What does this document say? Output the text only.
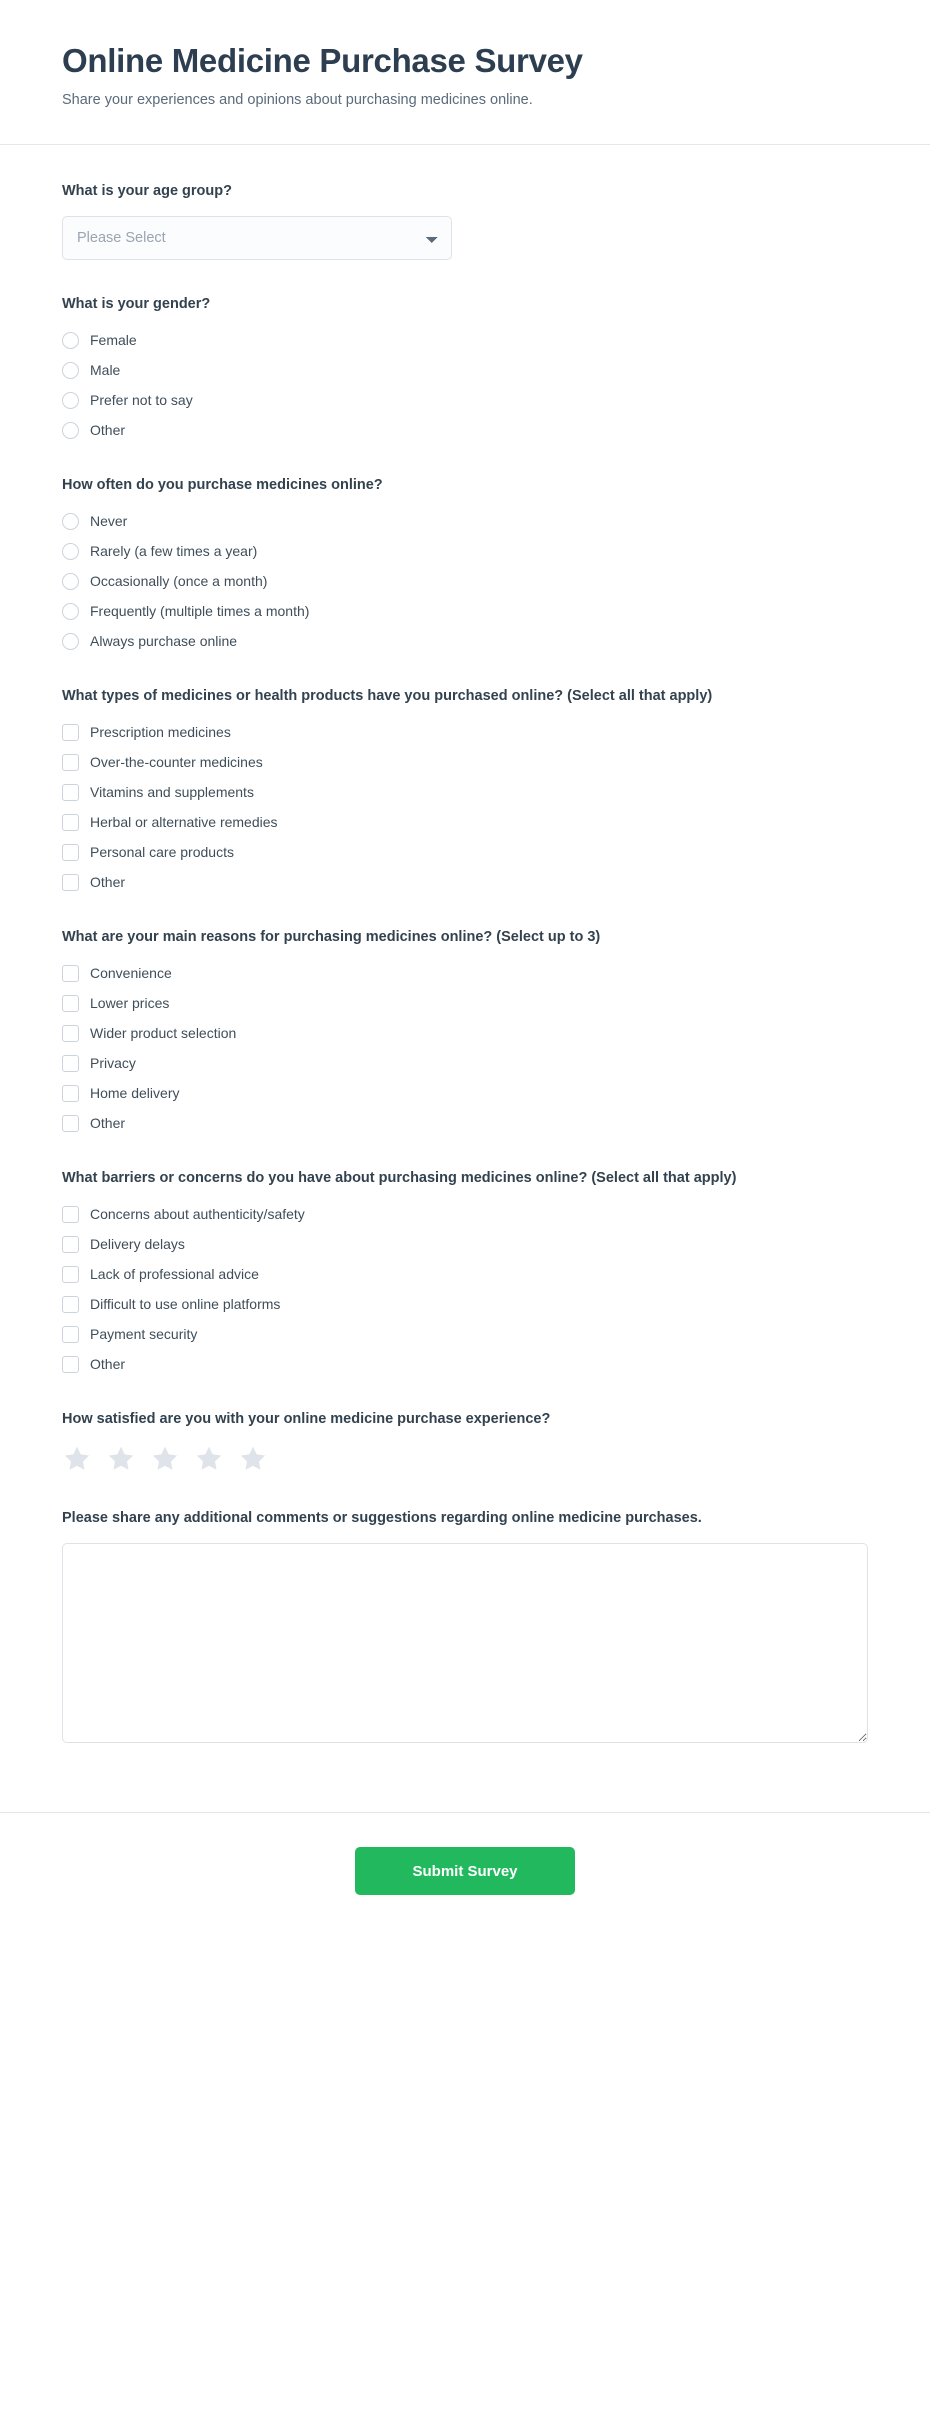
Online Medicine Purchase Survey

Share your experiences and opinions about purchasing medicines online.

What is your age group?
Please Select
What is your gender?
Female
Male
Prefer not to say
Other
How often do you purchase medicines online?
Never
Rarely (a few times a year)
Occasionally (once a month)
Frequently (multiple times a month)
Always purchase online
What types of medicines or health products have you purchased online? (Select all that apply)
Prescription medicines
Over-the-counter medicines
Vitamins and supplements
Herbal or alternative remedies
Personal care products
Other
What are your main reasons for purchasing medicines online? (Select up to 3)
Convenience
Lower prices
Wider product selection
Privacy
Home delivery
Other
What barriers or concerns do you have about purchasing medicines online? (Select all that apply)
Concerns about authenticity/safety
Delivery delays
Lack of professional advice
Difficult to use online platforms
Payment security
Other
How satisfied are you with your online medicine purchase experience?
Please share any additional comments or suggestions regarding online medicine purchases.
Submit Survey
